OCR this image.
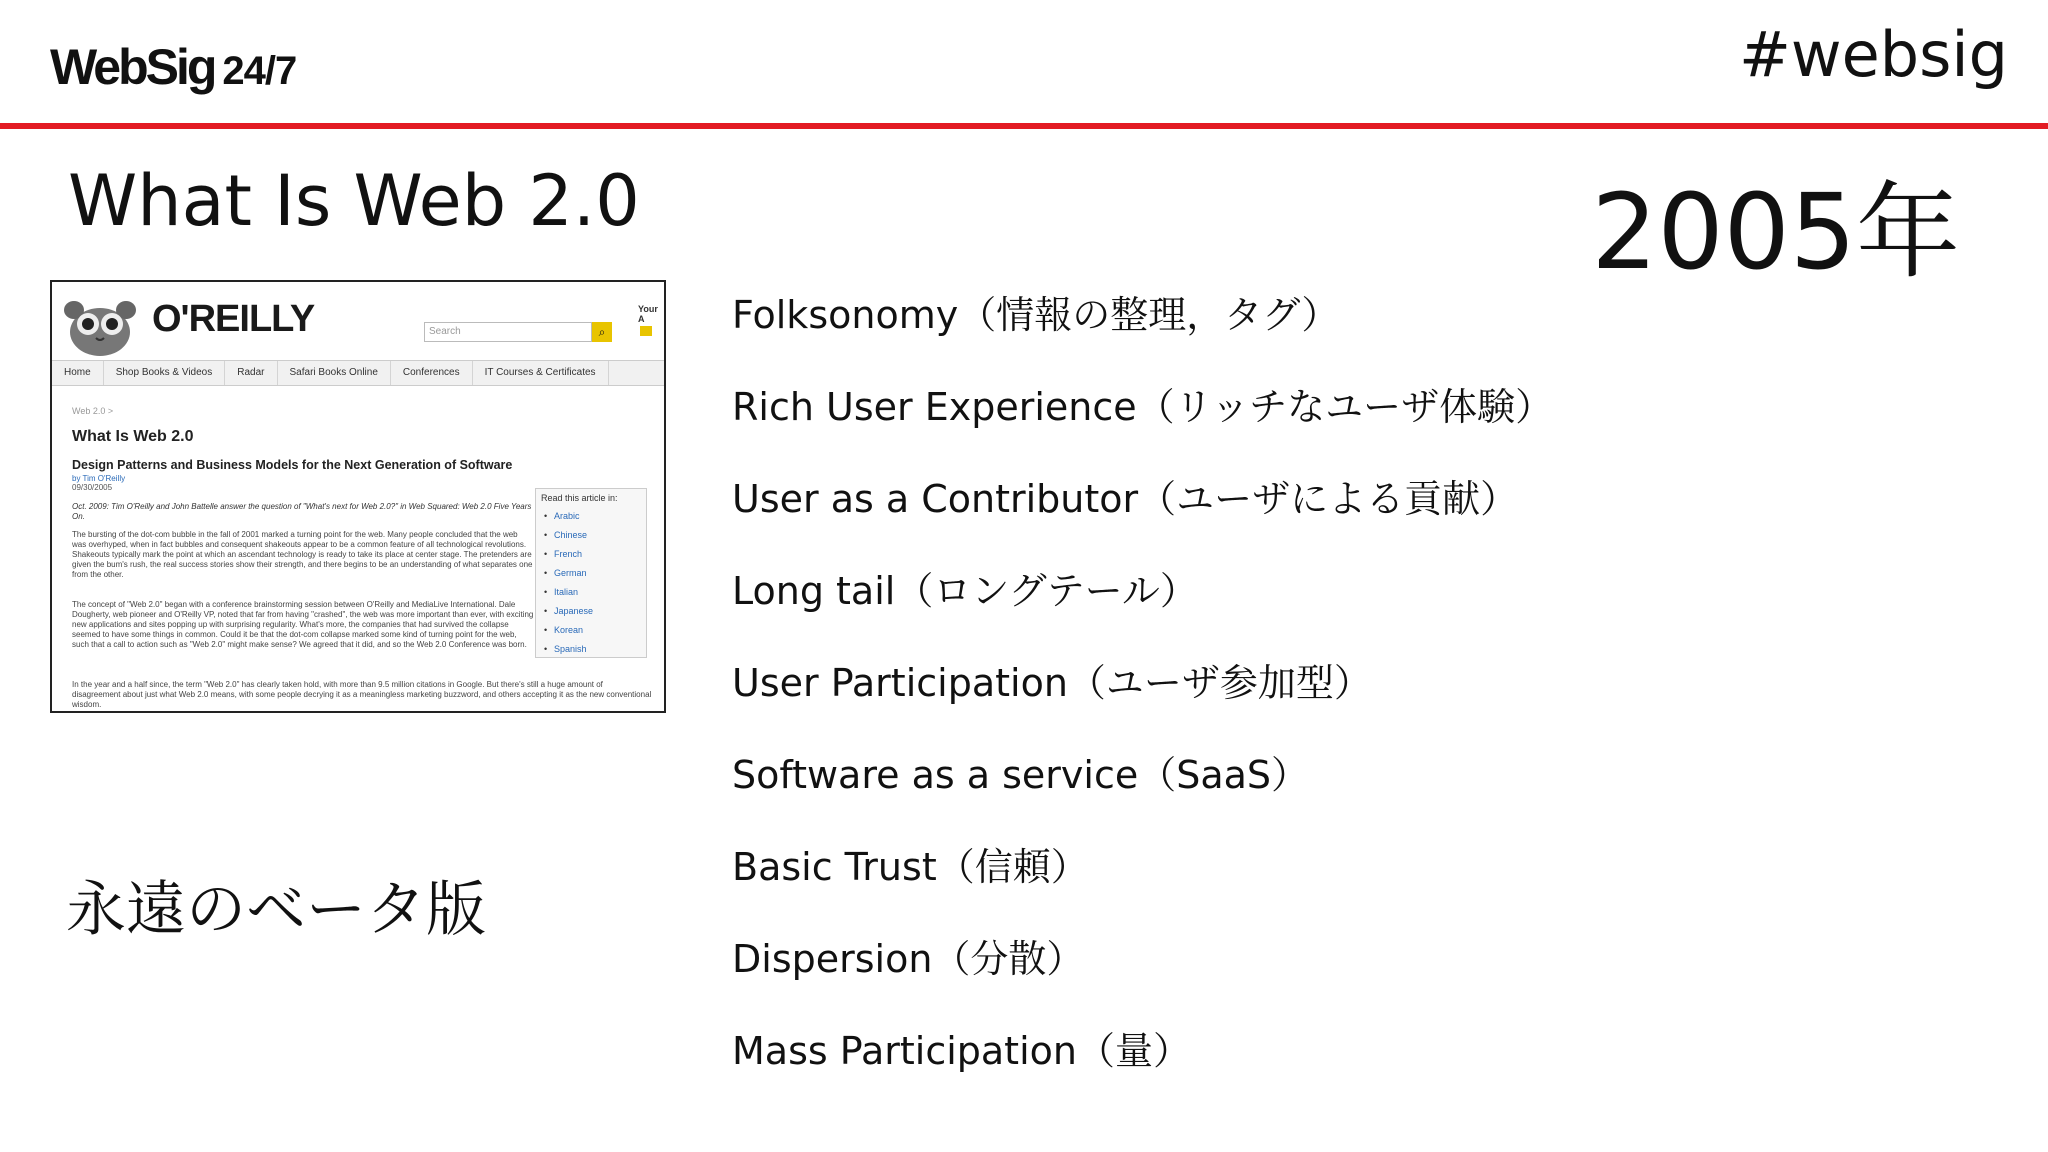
WebSig 24/7	#websig
What Is Web 2.0	2005年
O'REILLY	Search	⌕
Your A
Home	Shop Books & Videos	Radar	Safari Books Online	Conferences	IT Courses & Certificates
Web 2.0 >
What Is Web 2.0
Design Patterns and Business Models for the Next Generation of Software
by Tim O'Reilly
09/30/2005
Oct. 2009: Tim O'Reilly and John Battelle answer the question of "What's next for Web 2.0?" in Web Squared: Web 2.0 Five Years On.
The bursting of the dot-com bubble in the fall of 2001 marked a turning point for the web. Many people concluded that the web was overhyped, when in fact bubbles and consequent shakeouts appear to be a common feature of all technological revolutions. Shakeouts typically mark the point at which an ascendant technology is ready to take its place at center stage. The pretenders are given the bum's rush, the real success stories show their strength, and there begins to be an understanding of what separates one from the other.
The concept of "Web 2.0" began with a conference brainstorming session between O'Reilly and MediaLive International. Dale Dougherty, web pioneer and O'Reilly VP, noted that far from having "crashed", the web was more important than ever, with exciting new applications and sites popping up with surprising regularity. What's more, the companies that had survived the collapse seemed to have some things in common. Could it be that the dot-com collapse marked some kind of turning point for the web, such that a call to action such as "Web 2.0" might make sense? We agreed that it did, and so the Web 2.0 Conference was born.
In the year and a half since, the term "Web 2.0" has clearly taken hold, with more than 9.5 million citations in Google. But there's still a huge amount of disagreement about just what Web 2.0 means, with some people decrying it as a meaningless marketing buzzword, and others accepting it as the new conventional wisdom.
Read this article in:
• Arabic
• Chinese
• French
• German
• Italian
• Japanese
• Korean
• Spanish
永遠のベータ版
Folksonomy（情報の整理，タグ）
Rich User Experience（リッチなユーザ体験）
User as a Contributor（ユーザによる貢献）
Long tail（ロングテール）
User Participation（ユーザ参加型）
Software as a service（SaaS）
Basic Trust（信頼）
Dispersion（分散）
Mass Participation（量）
